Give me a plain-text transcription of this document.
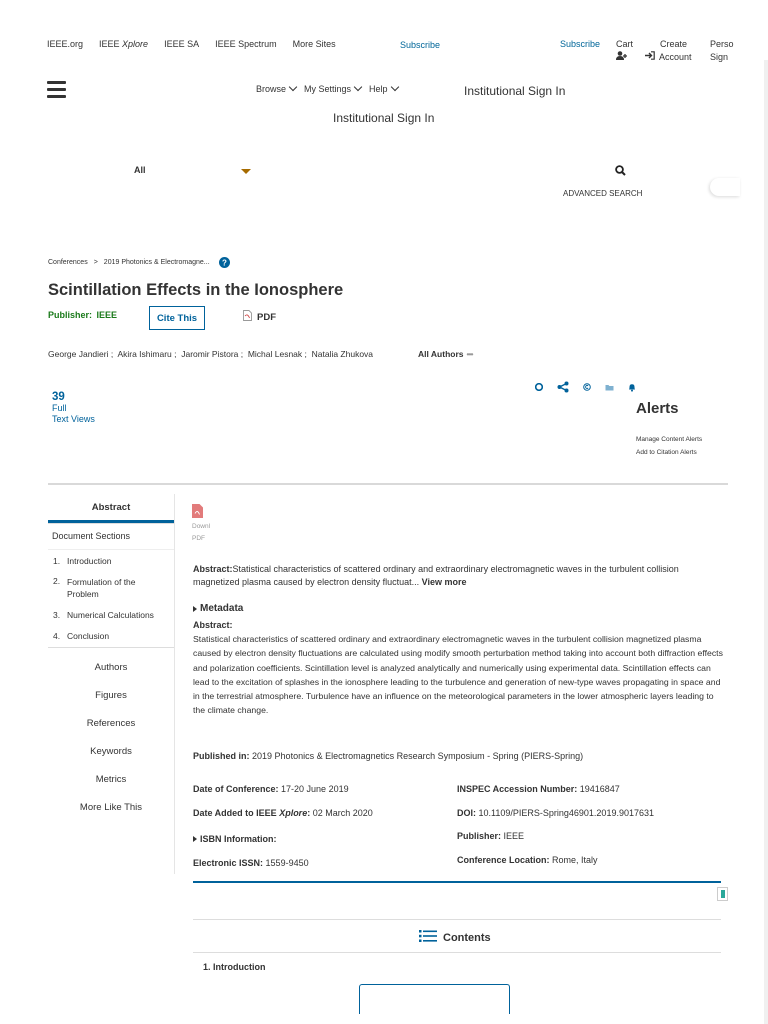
IEEE.org IEEE Xplore IEEE SA IEEE Spectrum More Sites	Subscribe	Subscribe Cart	Create
Account
Perso
Sign
Browse	My Settings	Help	Institutional Sign In
Institutional Sign In
All
ADVANCED SEARCH
Conferences > 2019 Photonics & Electromagne... ?
Scintillation Effects in the Ionosphere
Publisher: IEEE	Cite This	PDF
George Jandieri ;  Akira Ishimaru ;  Jaromir Pistora ;  Michal Lesnak ;  Natalia Zhukova	All Authors •••
39
Full
Text Views
Alerts
Manage Content Alerts
Add to Citation Alerts
Abstract
Document Sections
1. Introduction
2. Formulation of the
Problem
3. Numerical Calculations
4. Conclusion
Authors
Figures
References
Keywords
Metrics
More Like This
Downl
PDF
Abstract:Statistical characteristics of scattered ordinary and extraordinary electromagnetic waves in the turbulent collision magnetized plasma caused by electron density fluctuat... View more
Metadata
Abstract:
Statistical characteristics of scattered ordinary and extraordinary electromagnetic waves in the turbulent collision magnetized plasma caused by electron density fluctuations are calculated using modify smooth perturbation method taking into account both diffraction effects and polarization coefficients. Scintillation level is analyzed analytically and numerically using experimental data. Scintillation effects can lead to the excitation of splashes in the ionosphere leading to the turbulence and generation of new-type waves propagating in space and in the terrestrial atmosphere. Turbulence have an influence on the meteorological parameters in the lower atmospheric layers leading to the climate change.
Published in: 2019 Photonics & Electromagnetics Research Symposium - Spring (PIERS-Spring)
Date of Conference: 17-20 June 2019
Date Added to IEEE Xplore: 02 March 2020
ISBN Information:
Electronic ISSN: 1559-9450
INSPEC Accession Number: 19416847
DOI: 10.1109/PIERS-Spring46901.2019.9017631
Publisher: IEEE
Conference Location: Rome, Italy
Contents
1. Introduction
